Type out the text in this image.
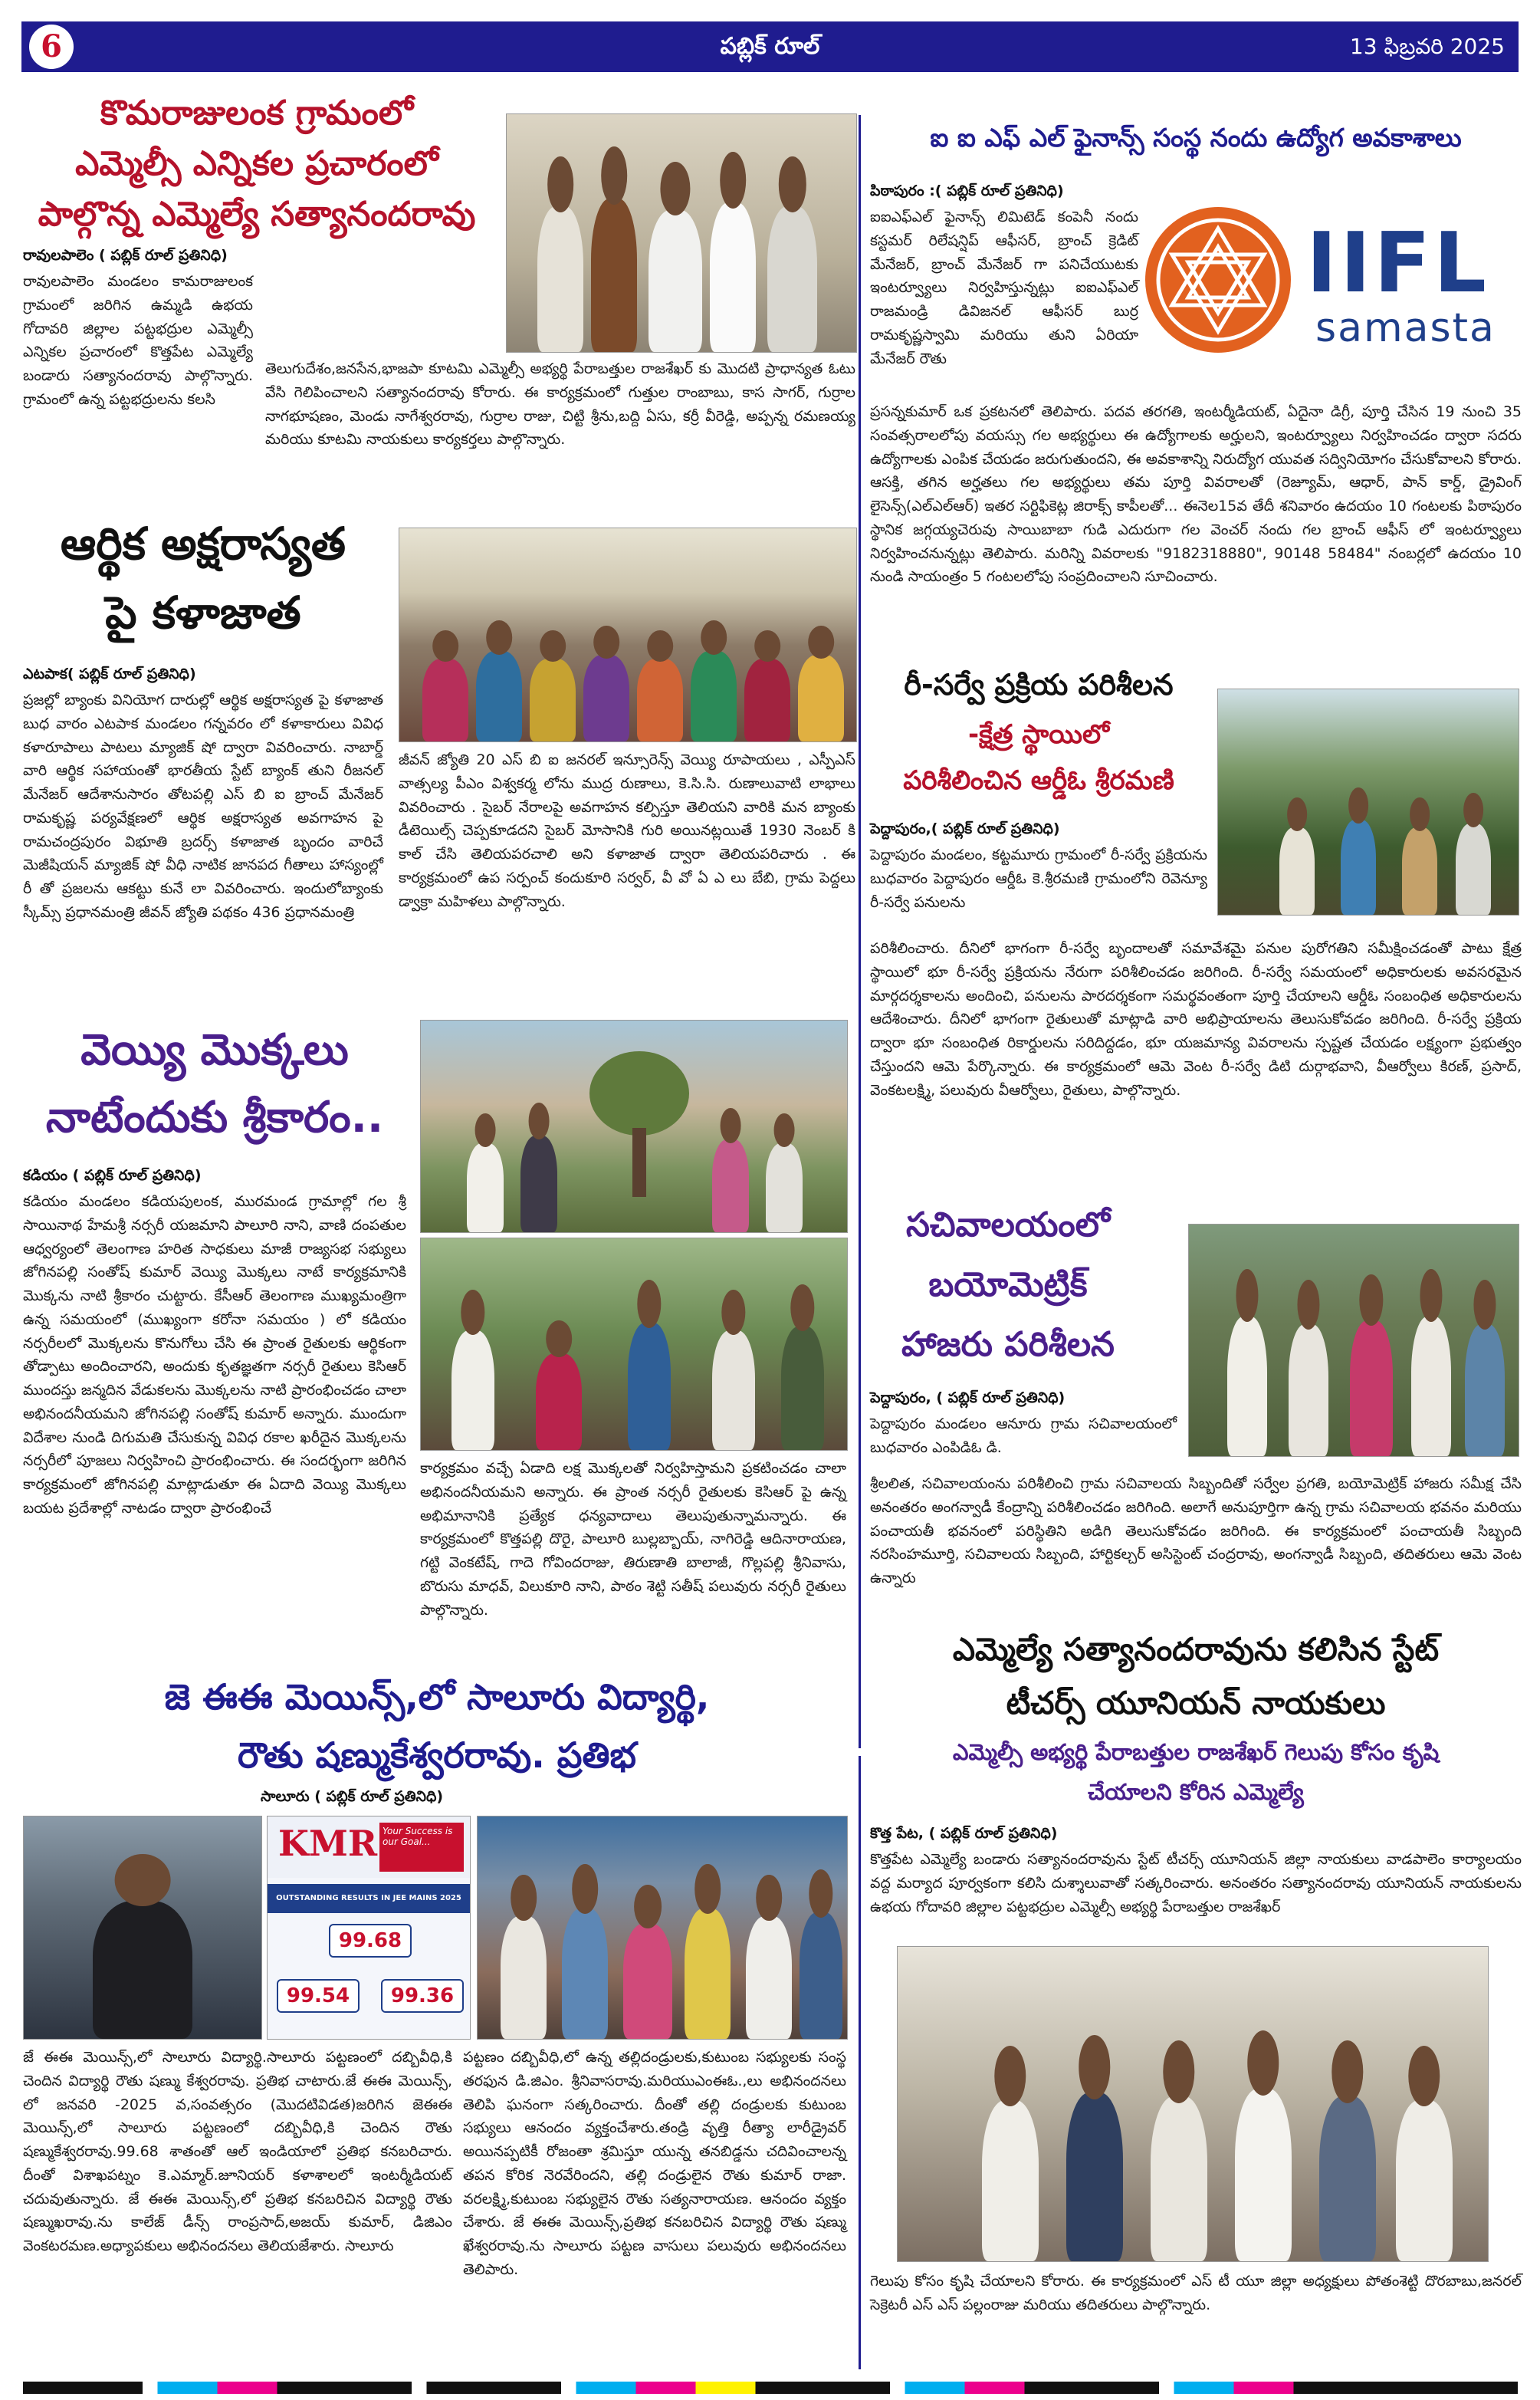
6	పబ్లిక్ రూల్	13 ఫిబ్రవరి 2025
కొమరాజులంక గ్రామంలో
ఎమ్మెల్సీ ఎన్నికల ప్రచారంలో
పాల్గొన్న ఎమ్మెల్యే సత్యానందరావు
రావులపాలెం ( పబ్లిక్ రూల్ ప్రతినిధి)
రావులపాలెం మండలం కామరాజులంక గ్రామంలో జరిగిన ఉమ్మడి ఉభయ గోదావరి జిల్లాల పట్టభద్రుల ఎమ్మెల్సీ ఎన్నికల ప్రచారంలో కొత్తపేట ఎమ్మెల్యే బండారు సత్యానందరావు పాల్గొన్నారు. గ్రామంలో ఉన్న పట్టభద్రులను కలసి
తెలుగుదేశం,జనసేన,భాజపా కూటమి ఎమ్మెల్సీ అభ్యర్థి పేరాబత్తుల రాజశేఖర్ కు మొదటి ప్రాధాన్యత ఓటు వేసి గెలిపించాలని సత్యానందరావు కోరారు. ఈ కార్యక్రమంలో గుత్తుల రాంబాబు, కాస సాగర్, గుర్రాల నాగభూషణం, మెండు నాగేశ్వరరావు, గుర్రాల రాజు, చిట్టి శ్రీను,బద్ది ఏసు, కర్రీ వీరెడ్డి, అప్పన్న రమణయ్య మరియు కూటమి నాయకులు కార్యకర్తలు పాల్గొన్నారు.
ఐ ఐ ఎఫ్ ఎల్ ఫైనాన్స్ సంస్థ నందు ఉద్యోగ అవకాశాలు
పిఠాపురం :( పబ్లిక్ రూల్ ప్రతినిధి)
ఐఐఎఫ్ఎల్ ఫైనాన్స్ లిమిటెడ్ కంపెనీ నందు కస్టమర్ రిలేషన్షిప్ ఆఫీసర్, బ్రాంచ్ క్రెడిట్ మేనేజర్, బ్రాంచ్ మేనేజర్ గా పనిచేయుటకు ఇంటర్వ్యూలు నిర్వహిస్తున్నట్లు ఐఐఎఫ్ఎల్ రాజమండ్రి డివిజనల్ ఆఫీసర్ బుర్ర రామకృష్ణస్వామి మరియు తుని ఏరియా మేనేజర్ రౌతు
IIFL
samasta
ప్రసన్నకుమార్ ఒక ప్రకటనలో తెలిపారు. పదవ తరగతి, ఇంటర్మీడియట్, ఏదైనా డిగ్రీ, పూర్తి చేసిన 19 నుంచి 35 సంవత్సరాలలోపు వయస్సు గల అభ్యర్థులు ఈ ఉద్యోగాలకు అర్హులని, ఇంటర్వ్యూలు నిర్వహించడం ద్వారా సదరు ఉద్యోగాలకు ఎంపిక చేయడం జరుగుతుందని, ఈ అవకాశాన్ని నిరుద్యోగ యువత సద్వినియోగం చేసుకోవాలని కోరారు. ఆసక్తి, తగిన అర్హతలు గల అభ్యర్థులు తమ పూర్తి వివరాలతో (రెజ్యూమ్, ఆధార్, పాన్ కార్డ్, డ్రైవింగ్ లైసెన్స్(ఎల్ఎల్ఆర్) ఇతర సర్టిఫికెట్ల జిరాక్స్ కాపీలతో... ఈనెల15వ తేదీ శనివారం ఉదయం 10 గంటలకు పిఠాపురం స్థానిక జగ్గయ్యచెరువు సాయిబాబా గుడి ఎదురుగా గల వెంచర్ నందు గల బ్రాంచ్ ఆఫీస్ లో ఇంటర్వ్యూలు నిర్వహించనున్నట్లు తెలిపారు. మరిన్ని వివరాలకు "9182318880", 90148 58484" నంబర్లలో ఉదయం 10 నుండి సాయంత్రం 5 గంటలలోపు సంప్రదించాలని సూచించారు.
ఆర్థిక అక్షరాస్యత
పై కళాజాత
ఎటపాక( పబ్లిక్ రూల్ ప్రతినిధి)
ప్రజల్లో బ్యాంకు వినియోగ దారుల్లో ఆర్థిక అక్షరాస్యత పై కళాజాత బుధ వారం ఎటపాక మండలం గన్నవరం లో కళాకారులు వివిధ కళారూపాలు పాటలు మ్యాజిక్ షో ద్వారా వివరించారు. నాబార్డ్ వారి ఆర్థిక సహాయంతో భారతీయ స్టేట్ బ్యాంక్ తుని రీజనల్ మేనేజర్ ఆదేశానుసారం తోటపల్లి ఎస్ బి ఐ బ్రాంచ్ మేనేజర్ రామకృష్ణ పర్యవేక్షణలో ఆర్థిక అక్షరాస్యత అవగాహన పై రామచంద్రపురం విభూతి బ్రదర్స్ కళాజాత బృందం వారిచే మెజీషియన్ మ్యాజిక్ షో వీధి నాటిక జానపద గీతాలు హాస్యంల్లో రీ తో ప్రజలను ఆకట్టు కునే లా వివరించారు. ఇందులోబ్యాంకు స్కీమ్స్ ప్రధానమంత్రి జీవన్ జ్యోతి పథకం 436 ప్రధానమంత్రి
జీవన్ జ్యోతి 20 ఎస్ బి ఐ జనరల్ ఇన్సూరెన్స్ వెయ్యి రూపాయలు , ఎస్పీఎస్ వాత్సల్య పీఎం విశ్వకర్మ లోను ముద్ర రుణాలు, కె.సి.సి. రుణాలువాటి లాభాలు వివరించారు . సైబర్ నేరాలపై అవగాహన కల్పిస్తూ తెలియని వారికి మన బ్యాంకు డీటెయిల్స్ చెప్పకూడదని సైబర్ మోసానికి గురి అయినట్లయితే 1930 నెంబర్ కి కాల్ చేసి తెలియపరచాలి అని కళాజాత ద్వారా తెలియపరిచారు . ఈ కార్యక్రమంలో ఉప సర్పంచ్ కందుకూరి సర్వర్, వీ వో ఏ ఎ లు బేబి, గ్రామ పెద్దలు డ్వాక్రా మహిళలు పాల్గొన్నారు.
రీ-సర్వే ప్రక్రియ పరిశీలన
-క్షేత్ర స్థాయిలో
పరిశీలించిన ఆర్డీఓ శ్రీరమణి
పెద్దాపురం,( పబ్లిక్ రూల్ ప్రతినిధి)
పెద్దాపురం మండలం, కట్టమూరు గ్రామంలో రీ-సర్వే ప్రక్రియను బుధవారం పెద్దాపురం ఆర్డీఓ కె.శ్రీరమణి గ్రామంలోని రెవెన్యూ రీ-సర్వే పనులను
పరిశీలించారు. దీనిలో భాగంగా రీ-సర్వే బృందాలతో సమావేశమై పనుల పురోగతిని సమీక్షించడంతో పాటు క్షేత్ర స్థాయిలో భూ రీ-సర్వే ప్రక్రియను నేరుగా పరిశీలించడం జరిగింది. రీ-సర్వే సమయంలో అధికారులకు అవసరమైన మార్గదర్శకాలను అందించి, పనులను పారదర్శకంగా సమర్థవంతంగా పూర్తి చేయాలని ఆర్డీఓ సంబంధిత అధికారులను ఆదేశించారు. దీనిలో భాగంగా రైతులుతో మాట్లాడి వారి అభిప్రాయాలను తెలుసుకోవడం జరిగింది. రీ-సర్వే ప్రక్రియ ద్వారా భూ సంబంధిత రికార్డులను సరిదిద్దడం, భూ యజమాన్య వివరాలను స్పష్టత చేయడం లక్ష్యంగా ప్రభుత్వం చేస్తుందని ఆమె పేర్కొన్నారు. ఈ కార్యక్రమంలో ఆమె వెంట రీ-సర్వే డిటి దుర్గాభవాని, వీఆర్వోలు కిరణ్, ప్రసాద్, వెంకటలక్ష్మి, పలువురు వీఆర్వోలు, రైతులు, పాల్గొన్నారు.
వెయ్యి మొక్కలు
నాటేందుకు శ్రీకారం..
కడియం ( పబ్లిక్ రూల్ ప్రతినిధి)
కడియం మండలం కడియపులంక, మురమండ గ్రామాల్లో గల శ్రీ సాయినాథ హేమశ్రీ నర్సరీ యజమాని పాలూరి నాని, వాణి దంపతుల ఆధ్వర్యంలో తెలంగాణ హరిత సాధకులు మాజీ రాజ్యసభ సభ్యులు జోగినపల్లి సంతోష్ కుమార్ వెయ్యి మొక్కలు నాటే కార్యక్రమానికి మొక్కను నాటి శ్రీకారం చుట్టారు. కేసీఆర్ తెలంగాణ ముఖ్యమంత్రిగా ఉన్న సమయంలో (ముఖ్యంగా కరోనా సమయం ) లో కడియం నర్సరీలలో మొక్కలను కొనుగోలు చేసి ఈ ప్రాంత రైతులకు ఆర్థికంగా తోడ్పాటు అందించారని, అందుకు కృతజ్ఞతగా నర్సరీ రైతులు కెసిఆర్ ముందస్తు జన్మదిన వేడుకలను మొక్కలను నాటి ప్రారంభించడం చాలా అభినందనీయమని జోగినపల్లి సంతోష్ కుమార్ అన్నారు. ముందుగా విదేశాల నుండి దిగుమతి చేసుకున్న వివిధ రకాల ఖరీదైన మొక్కలను నర్సరీలో పూజలు నిర్వహించి ప్రారంభించారు. ఈ సందర్భంగా జరిగిన కార్యక్రమంలో జోగినపల్లి మాట్లాడుతూ ఈ ఏదాది వెయ్యి మొక్కలు బయట ప్రదేశాల్లో నాటడం ద్వారా ప్రారంభించే
కార్యక్రమం వచ్చే ఏడాది లక్ష మొక్కలతో నిర్వహిస్తామని ప్రకటించడం చాలా అభినందనీయమని అన్నారు. ఈ ప్రాంత నర్సరీ రైతులకు కెసిఆర్ పై ఉన్న అభిమానానికి ప్రత్యేక ధన్యవాదాలు తెలుపుతున్నామన్నారు. ఈ కార్యక్రమంలో కొత్తపల్లి దొరై, పాలూరి బుల్లబ్బాయ్, నాగిరెడ్డి ఆదినారాయణ, గట్టి వెంకటేష్, గాదె గోవిందరాజు, తిరుణాతి బాలాజీ, గొల్లపల్లి శ్రీనివాసు, బొరుసు మాధవ్, విలుకూరి నాని, పాఠం శెట్టి సతీష్ పలువురు నర్సరీ రైతులు పాల్గొన్నారు.
సచివాలయంలో
బయోమెట్రిక్
హాజరు పరిశీలన
పెద్దాపురం, ( పబ్లిక్ రూల్ ప్రతినిధి)
పెద్దాపురం మండలం ఆనూరు గ్రామ సచివాలయంలో బుధవారం ఎంపిడిఓ డి.
శ్రీలలిత, సచివాలయంను పరిశీలించి గ్రామ సచివాలయ సిబ్బందితో సర్వేల ప్రగతి, బయోమెట్రిక్ హాజరు సమీక్ష చేసి అనంతరం అంగన్వాడీ కేంద్రాన్ని పరిశీలించడం జరిగింది. అలాగే అనుపూర్తిగా ఉన్న గ్రామ సచివాలయ భవనం మరియు పంచాయతీ భవనంలో పరిస్థితిని అడిగి తెలుసుకోవడం జరిగింది. ఈ కార్యక్రమంలో పంచాయతీ సిబ్బంది నరసింహమూర్తి, సచివాలయ సిబ్బంది, హార్టికల్చర్ అసిస్టెంట్ చంద్రరావు, అంగన్వాడీ సిబ్బంది, తదితరులు ఆమె వెంట ఉన్నారు
జె ఈఈ మెయిన్స్,లో సాలూరు విద్యార్థి,
రౌతు షణ్ముకేశ్వరరావు. ప్రతిభ
సాలూరు ( పబ్లిక్ రూల్ ప్రతినిధి)
KMR Your Success is our Goal...
OUTSTANDING RESULTS IN JEE MAINS 2025
99.68
99.54	99.36
జే ఈఈ మెయిన్స్,లో సాలూరు విద్యార్థి.సాలూరు పట్టణంలో దబ్బివీధి,కి చెందిన విద్యార్థి రౌతు షణ్ము కేశ్వరరావు. ప్రతిభ చాటారు.జే ఈఈ మెయిన్స్, లో జనవరి -2025 వ,సంవత్సరం (మొదటివిడత)జరిగిన జెఈఈ మెయిన్స్,లో సాలూరు పట్టణంలో దబ్బివీధి,కి చెందిన రౌతు షణ్ముకేశ్వరరావు.99.68 శాతంతో ఆల్ ఇండియాలో ప్రతిభ కనబరిచారు. దీంతో విశాఖపట్నం కె.ఎమ్మార్.జూనియర్ కళాశాలలో ఇంటర్మీడియట్ చదువుతున్నారు. జే ఈఈ మెయిన్స్,లో ప్రతిభ కనబరిచిన విద్యార్థి రౌతు షణ్ముఖరావు.ను కాలేజ్ డీన్స్ రాంప్రసాద్,అజయ్ కుమార్, డిజిఎం వెంకటరమణ.అధ్యాపకులు అభినందనలు తెలియజేశారు. సాలూరు
పట్టణం దబ్బివీధి,లో ఉన్న తల్లిదండ్రులకు,కుటుంబ సభ్యులకు సంస్థ తరఫున డి.జిఎం. శ్రీనివాసరావు.మరియుఎంఈఓ.,లు అభినందనలు తెలిపి ఘనంగా సత్కరించారు. దీంతో తల్లి దండ్రులకు కుటుంబ సభ్యులు ఆనందం వ్యక్తంచేశారు.తండ్రి వృత్తి రీత్యా లారీడ్రైవర్ అయినప్పటికీ రోజంతా శ్రమిస్తూ యున్న తనబిడ్డను చదివించాలన్న తపన కోరిక నెరవేరిందని, తల్లి దండ్రులైన రౌతు కుమార్ రాజా. వరలక్ష్మి,కుటుంబ సభ్యులైన రౌతు సత్యనారాయణ. ఆనందం వ్యక్తం చేశారు. జే ఈఈ మెయిన్స్,ప్రతిభ కనబరిచిన విద్యార్థి రౌతు షణ్ము ఖేశ్వరరావు.ను సాలూరు పట్టణ వాసులు పలువురు అభినందనలు తెలిపారు.
ఎమ్మెల్యే సత్యానందరావును కలిసిన స్టేట్
టీచర్స్ యూనియన్ నాయకులు
ఎమ్మెల్సీ అభ్యర్థి పేరాబత్తుల రాజశేఖర్ గెలుపు కోసం కృషి
చేయాలని కోరిన ఎమ్మెల్యే
కొత్త పేట, ( పబ్లిక్ రూల్ ప్రతినిధి)
కొత్తపేట ఎమ్మెల్యే బండారు సత్యానందరావును స్టేట్ టీచర్స్ యూనియన్ జిల్లా నాయకులు వాడపాలెం కార్యాలయం వద్ద మర్యాద పూర్వకంగా కలిసి దుశ్శాలువాతో సత్కరించారు. అనంతరం సత్యానందరావు యూనియన్ నాయకులను ఉభయ గోదావరి జిల్లాల పట్టభద్రుల ఎమ్మెల్సీ అభ్యర్థి పేరాబత్తుల రాజశేఖర్
గెలుపు కోసం కృషి చేయాలని కోరారు. ఈ కార్యక్రమంలో ఎస్ టీ యూ జిల్లా అధ్యక్షులు పోతంశెట్టి దొరబాబు,జనరల్ సెక్రెటరీ ఎస్ ఎస్ పల్లంరాజు మరియు తదితరులు పాల్గొన్నారు.
